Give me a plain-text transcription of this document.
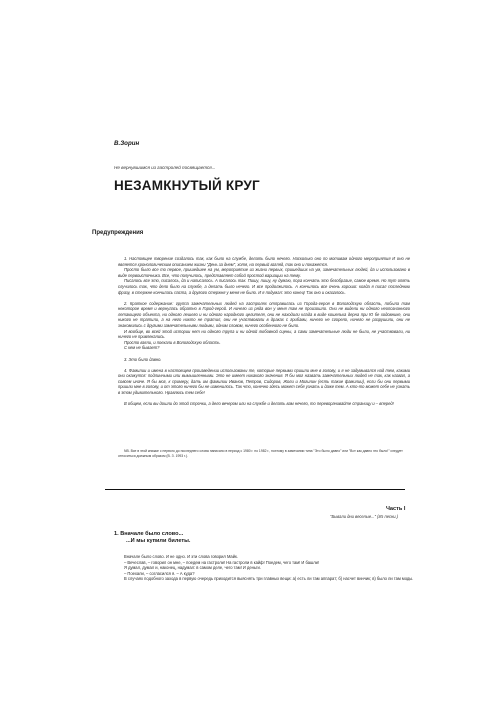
В.Зорин
Не вернувшимся из гастролей посвящается...
НЕЗАМКНУТЫЙ КРУГ
Предупреждения

1. Настоящее творение создалось так, как было на службе, делать было нечего. Насколько оно по мотивам одного мероприятия И оно не является хронологическим описанием жизни "День за днем", хотя, на первый взгляд, так оно и покажется.

Просто было все то первое, пришедшее на ум, мероприятие из жизни первых, пришедших на ум, замечательных людей, да и использовано в виде первоисточника. Все, что получилось, представляет собой простой вариации на тему.

Писалось все это, писалось, да и написалось. А писалось так. Пишу, пишу, ну думаю, пора кончать это безобразие, самое время. Но тут опять случилось так, что дело было на службе, а делать было нечего. И все продолжилось. А кончилось все очень хорошо: когда я писал последнюю фразу, в стержне кончилась паста, а другого стержня у меня не было. И я подумал: это конец! Так оно и оказалось.

2. Краткое содержание: группа замечательных людей на гастролях отправилась из Города-героя в Вологодскую область, побыла там некоторое время и вернулась обратно в Город-герой. И ничего из ряда вон у меня там не произошло. Они не видели ни одного неопознанного летающего объекта, ни одного лешего и ни одного народного целителя, они не находили клада в виде кошелька дерна при Ю бе ходовнике, они никого не тратили, а на него никто не тратил, они не участвовали в драках с грибами, ничего не сгорело, ничего не разрушили, они не знакомились с другими замечательными людьми, одним словом, ничего особенного не было.

И вообще, во всей этой истории нет ни одного трупа и ни одной любовной сцены, а сами замечательные люди не были, не участвовали, ни ничего не привлекались.

Просто взяли, и поехали в Вологодскую область.

С кем не бывает?

3. Это было давно.

4. Фамилии и имена в настоящем произведении использованы те, которые первыми пришли мне в голову, и я не задумывался над тем, какими они окажутся: подлинными или вымышленными. Это не имеет никакого значения. Я бы мог назвать замечательных людей не так, как назвал, а совсем иначе. Я бы мог, к примеру, дать им фамилии Иванов, Петров, Сидоров, Жоли и Могилин (есть такие фамилии), если бы они первыми пришли мне в голову, и от этого ничего бы не изменилось. Так что, конечно здесь может себя узнать и даже тем. А кто-то может себе не узнать в этом удивительного. Нравлюсь тем себе!

В общем, если вы дошли до этой строчки, а дело вечером или на службе и делать вам нечего, то переворачивайте страницу и – вперед!

NB. Все в этой книжке с первого до последнего слова написано в период с 1980 г. по 1982 г., поэтому в замечании типа "Это было давно" или "Вот как давно это было!" следует относиться должным образом (В. З. 1993 г.).

Часть I
"Бывали дни веселые..." (Из песни.)
1. Вначале было слово...
...И мы купили билеты.

Вначале было слово. И не одно. И эти слова говорил Майк.

– Вечеслав, – говорил он мне, – поедем на гастроли! На гастроли в кайф! Поедем, чего там! И башли!

Я думал, думал и, наконец, надумал: в самом деле, чего там! И деньги.

– Поехали, – согласился я. – А куда?

В случаях подобного захода в первую очередь приходится выяснять три главных вещи: а) есть ли там аппарат; б) насчет винчик; в) было ли там моды.
